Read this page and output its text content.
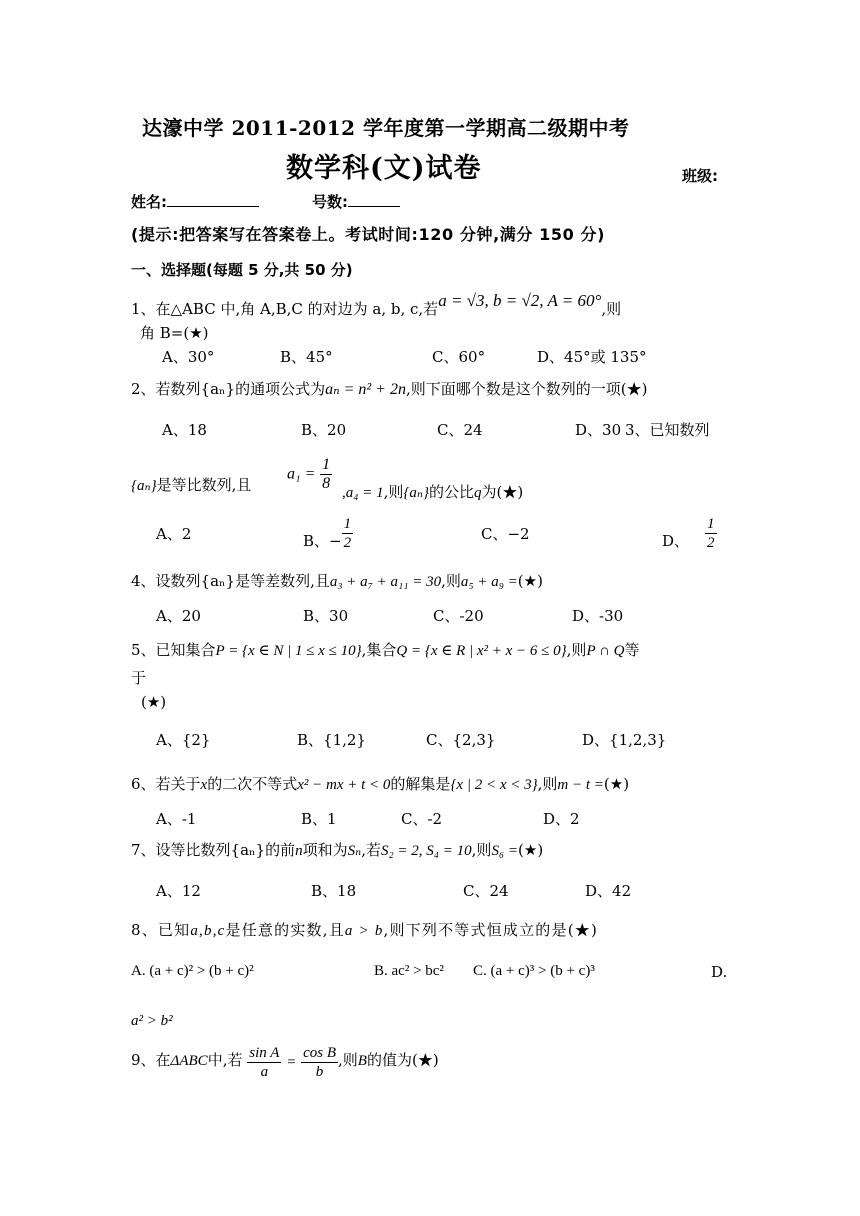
达濠中学 2011-2012 学年度第一学期高二级期中考
数学科(文)试卷	班级:
姓名:	号数:
(提示:把答案写在答案卷上。考试时间:120 分钟,满分 150 分)
一、选择题(每题 5 分,共 50 分)
1、在△ABC 中,角 A,B,C 的对边为 a, b, c,若a = √3, b = √2, A = 60°,则
角 B=(★)
A、30°	B、45°	C、60°	D、45°或 135°
2、若数列{aₙ}的通项公式为aₙ = n² + 2n,则下面哪个数是这个数列的一项(★)
A、18	B、20	C、24	D、30 3、已知数列
{aₙ}是等比数列,且
$a_1 = \frac{1}{8} ,a_4 = 1$,则{aₙ}的公比q为(★)
A、2	B、− $\frac{1}{2}$	C、−2	D、 $\frac{1}{2}$
4、设数列{aₙ}是等差数列,且a₃ + a₇ + a₁₁ = 30,则a₅ + a₉ =(★)
A、20	B、30	C、-20	D、-30
5、已知集合P = {x ∈ N | 1 ≤ x ≤ 10},集合Q = {x ∈ R | x² + x − 6 ≤ 0},则P ∩ Q等
于
(★)
A、{2}	B、{1,2}	C、{2,3}	D、{1,2,3}
6、若关于x的二次不等式x² − mx + t < 0的解集是{x | 2 < x < 3},则m − t =(★)
A、-1	B、1	C、-2	D、2
7、设等比数列{aₙ}的前n项和为Sₙ,若S₂ = 2, S₄ = 10,则S₆ =(★)
A、12	B、18	C、24	D、42
8、已知a,b,c是任意的实数,且a > b,则下列不等式恒成立的是(★)
A. (a + c)² > (b + c)²	B. ac² > bc² C. (a + c)³ > (b + c)³	D.
a² > b²
9、在ΔABC中,若 $\frac{\text{sin A}}{a} = \frac{\text{cos B}}{b}$ ,则B的值为(★)
